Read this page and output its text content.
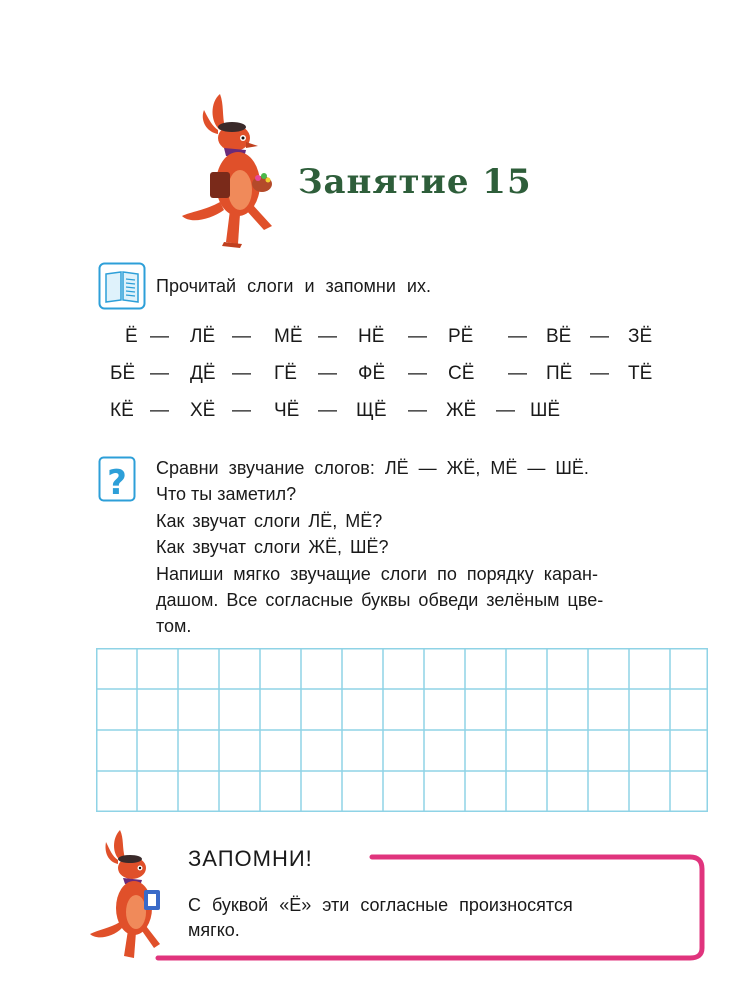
Занятие 15
Прочитай слоги и запомни их.
Ё — ЛЁ — МЁ — НЁ — РЁ — ВЁ — ЗЁ
БЁ — ДЁ — ГЁ — ФЁ — СЁ — ПЁ — ТЁ
КЁ — ХЁ — ЧЁ — ЩЁ — ЖЁ — ШЁ
? Сравни звучание слогов: ЛЁ — ЖЁ, МЁ — ШЁ.
Что ты заметил?
Как звучат слоги ЛЁ, МЁ?
Как звучат слоги ЖЁ, ШЁ?
Напиши мягко звучащие слоги по порядку каран-
дашом. Все согласные буквы обведи зелёным цве-
том.
ЗАПОМНИ!
С буквой «Ё» эти согласные произносятся
мягко.
